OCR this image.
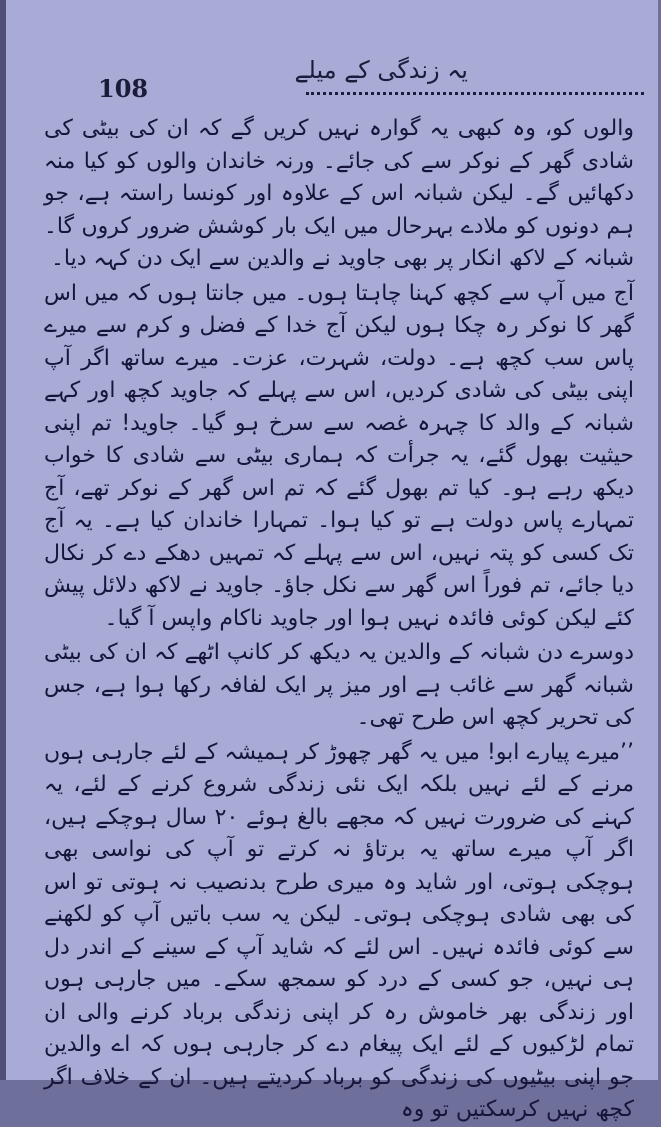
108
یہ زندگی کے میلے

والوں کو، وہ کبھی یہ گوارہ نہیں کریں گے کہ ان کی بیٹی کی شادی گھر کے نوکر سے کی جائے۔ ورنہ خاندان والوں کو کیا منہ دکھائیں گے۔ لیکن شبانہ اس کے علاوہ اور کونسا راستہ ہے، جو ہم دونوں کو ملادے بہرحال میں ایک بار کوشش ضرور کروں گا۔ شبانہ کے لاکھ انکار پر بھی جاوید نے والدین سے ایک دن کہہ دیا۔

آج میں آپ سے کچھ کہنا چاہتا ہوں۔ میں جانتا ہوں کہ میں اس گھر کا نوکر رہ چکا ہوں لیکن آج خدا کے فضل و کرم سے میرے پاس سب کچھ ہے۔ دولت، شہرت، عزت۔ میرے ساتھ اگر آپ اپنی بیٹی کی شادی کردیں، اس سے پہلے کہ جاوید کچھ اور کہے شبانہ کے والد کا چہرہ غصہ سے سرخ ہو گیا۔ جاوید! تم اپنی حیثیت بھول گئے، یہ جرأت کہ ہماری بیٹی سے شادی کا خواب دیکھ رہے ہو۔ کیا تم بھول گئے کہ تم اس گھر کے نوکر تھے، آج تمہارے پاس دولت ہے تو کیا ہوا۔ تمہارا خاندان کیا ہے۔ یہ آج تک کسی کو پتہ نہیں، اس سے پہلے کہ تمہیں دھکے دے کر نکال دیا جائے، تم فوراً اس گھر سے نکل جاؤ۔ جاوید نے لاکھ دلائل پیش کئے لیکن کوئی فائدہ نہیں ہوا اور جاوید ناکام واپس آ گیا۔

دوسرے دن شبانہ کے والدین یہ دیکھ کر کانپ اٹھے کہ ان کی بیٹی شبانہ گھر سے غائب ہے اور میز پر ایک لفافہ رکھا ہوا ہے، جس کی تحریر کچھ اس طرح تھی۔

’’میرے پیارے ابو! میں یہ گھر چھوڑ کر ہمیشہ کے لئے جارہی ہوں مرنے کے لئے نہیں بلکہ ایک نئی زندگی شروع کرنے کے لئے، یہ کہنے کی ضرورت نہیں کہ مجھے بالغ ہوئے ۲۰ سال ہوچکے ہیں، اگر آپ میرے ساتھ یہ برتاؤ نہ کرتے تو آپ کی نواسی بھی ہوچکی ہوتی، اور شاید وہ میری طرح بدنصیب نہ ہوتی تو اس کی بھی شادی ہوچکی ہوتی۔ لیکن یہ سب باتیں آپ کو لکھنے سے کوئی فائدہ نہیں۔ اس لئے کہ شاید آپ کے سینے کے اندر دل ہی نہیں، جو کسی کے درد کو سمجھ سکے۔ میں جارہی ہوں اور زندگی بھر خاموش رہ کر اپنی زندگی برباد کرنے والی ان تمام لڑکیوں کے لئے ایک پیغام دے کر جارہی ہوں کہ اے والدین جو اپنی بیٹیوں کی زندگی کو برباد کردیتے ہیں۔ ان کے خلاف اگر کچھ نہیں کرسکتیں تو وہ
